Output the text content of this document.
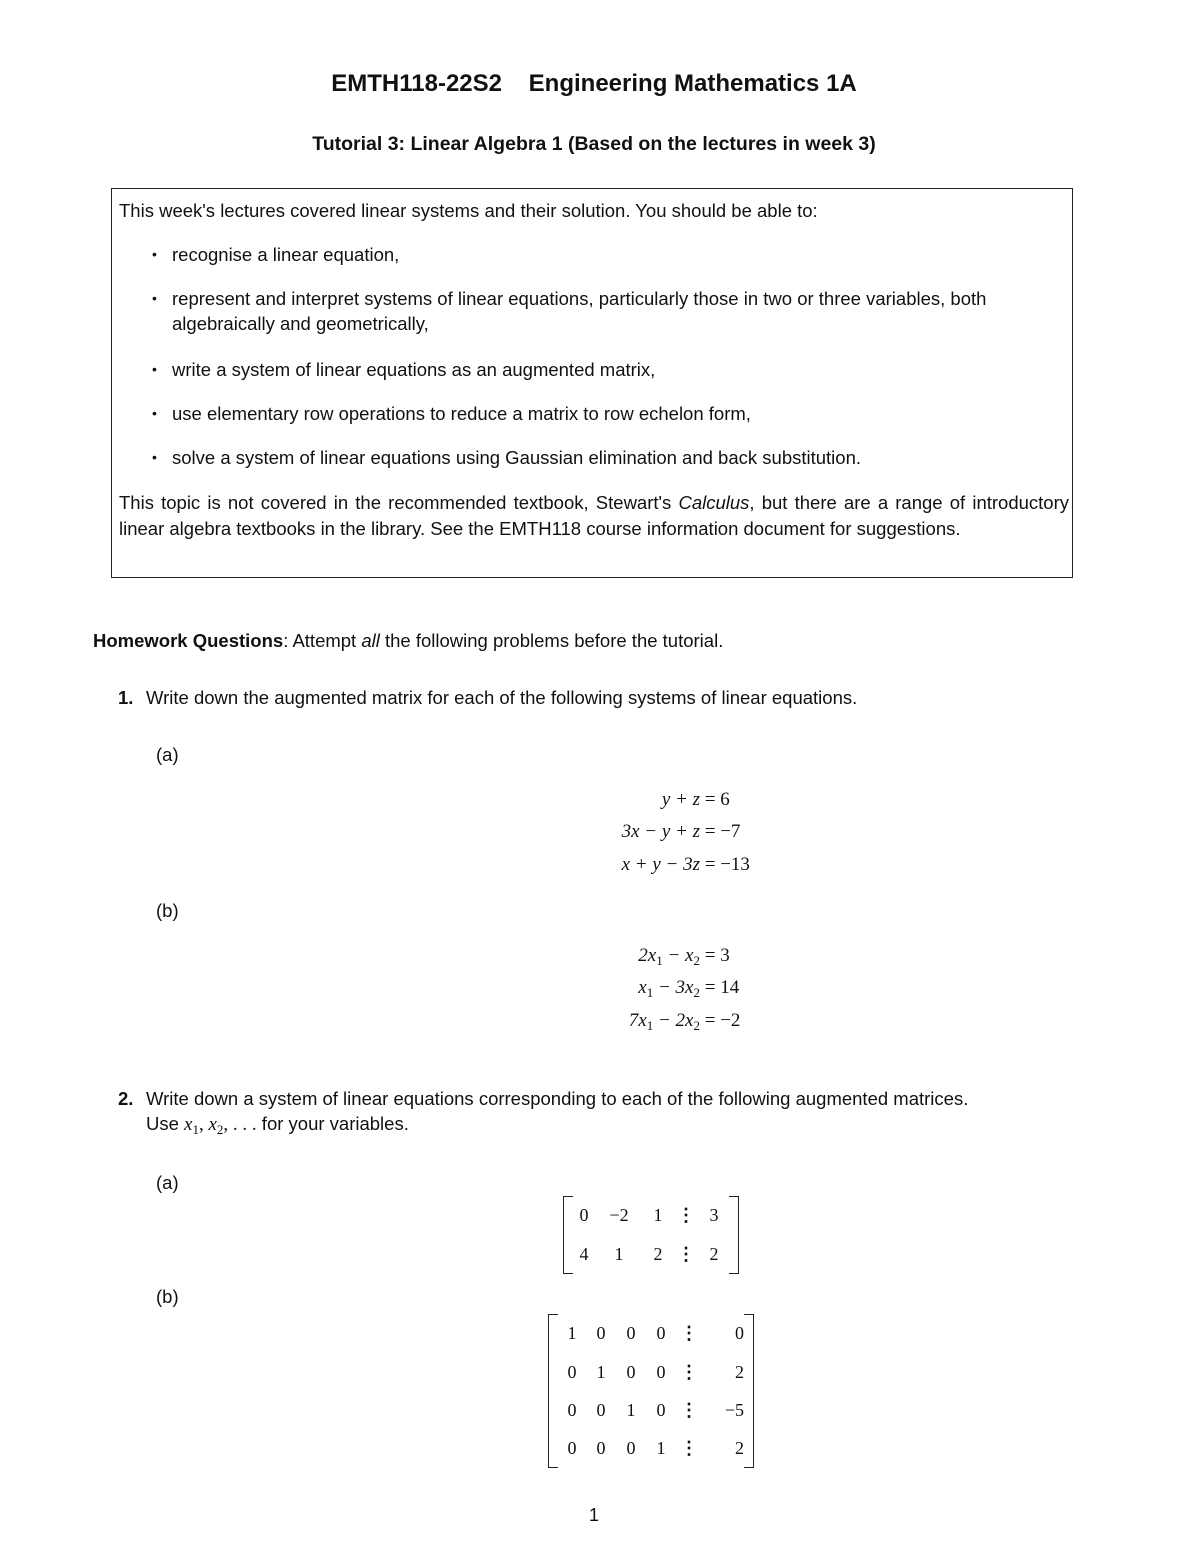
EMTH118-22S2 Engineering Mathematics 1A
Tutorial 3: Linear Algebra 1 (Based on the lectures in week 3)
This week's lectures covered linear systems and their solution. You should be able to:
• recognise a linear equation,
• represent and interpret systems of linear equations, particularly those in two or three variables, both algebraically and geometrically,
• write a system of linear equations as an augmented matrix,
• use elementary row operations to reduce a matrix to row echelon form,
• solve a system of linear equations using Gaussian elimination and back substitution.
This topic is not covered in the recommended textbook, Stewart's Calculus, but there are a range of introductory linear algebra textbooks in the library. See the EMTH118 course information document for suggestions.
Homework Questions: Attempt all the following problems before the tutorial.
1. Write down the augmented matrix for each of the following systems of linear equations.
(a)
y + z = 6
3x − y + z = −7
x + y − 3z = −13
(b)
$2x_1 - x_2 = 3$
$x_1 - 3x_2 = 14$
$7x_1 - 2x_2 = -2$
2. Write down a system of linear equations corresponding to each of the following augmented matrices.
Use $x_1$, $x_2$, . . . for your variables.
(a)
	0	−2	1	⋮	3	
	4	1	2	⋮	2	
(b)
	1	0	0	0	⋮	0	
	0	1	0	0	⋮	2	
	0	0	1	0	⋮	−5	
	0	0	0	1	⋮	2	
1
